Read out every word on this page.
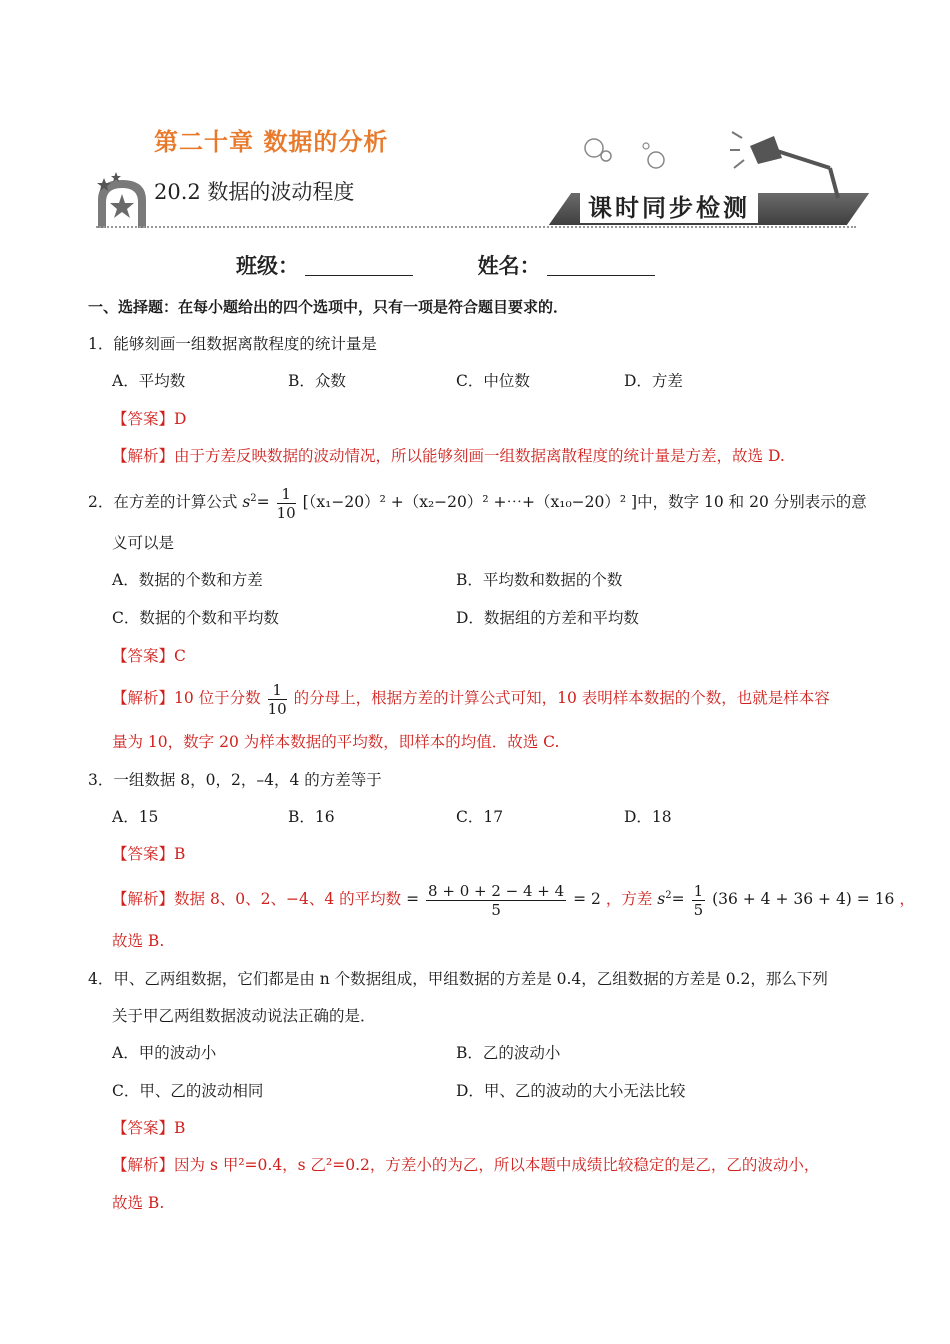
第二十章 数据的分析
20.2 数据的波动程度
课时同步检测
班级：	姓名：
一、选择题：在每小题给出的四个选项中，只有一项是符合题目要求的．
1．能够刻画一组数据离散程度的统计量是
A．平均数	B．众数	C．中位数	D．方差
【答案】D
【解析】由于方差反映数据的波动情况，所以能够刻画一组数据离散程度的统计量是方差，故选 D.
2．在方差的计算公式 $s^2= \frac{1}{10} [(x_1-20)^2 +(x_2-20)^2$ +⋯+（x₁₀−20）² ]中，数字 10 和 20 分别表示的意
义可以是
A．数据的个数和方差	B．平均数和数据的个数
C．数据的个数和平均数	D．数据组的方差和平均数
【答案】C
【解析】10 位于分数 $\frac{1}{10}$ 的分母上，根据方差的计算公式可知，10 表明样本数据的个数，也就是样本容
量为 10，数字 20 为样本数据的平均数，即样本的均值．故选 C.
3．一组数据 8，0，2，–4，4 的方差等于
A．15	B．16	C．17	D．18
【答案】B
【解析】数据 8、0、2、−4、4 的平均数 = $\frac{8 + 0 + 2 - 4 + 4}{5} = 2$ ，方差 $s^2= \frac{1}{5} (36 + 4 + 36 + 4) = 16$ ，
故选 B.
4．甲、乙两组数据，它们都是由 n 个数据组成，甲组数据的方差是 0.4，乙组数据的方差是 0.2，那么下列
关于甲乙两组数据波动说法正确的是．
A．甲的波动小	B．乙的波动小
C．甲、乙的波动相同	D．甲、乙的波动的大小无法比较
【答案】B
【解析】因为 s 甲²=0.4，s 乙²=0.2，方差小的为乙，所以本题中成绩比较稳定的是乙，乙的波动小，
故选 B.
